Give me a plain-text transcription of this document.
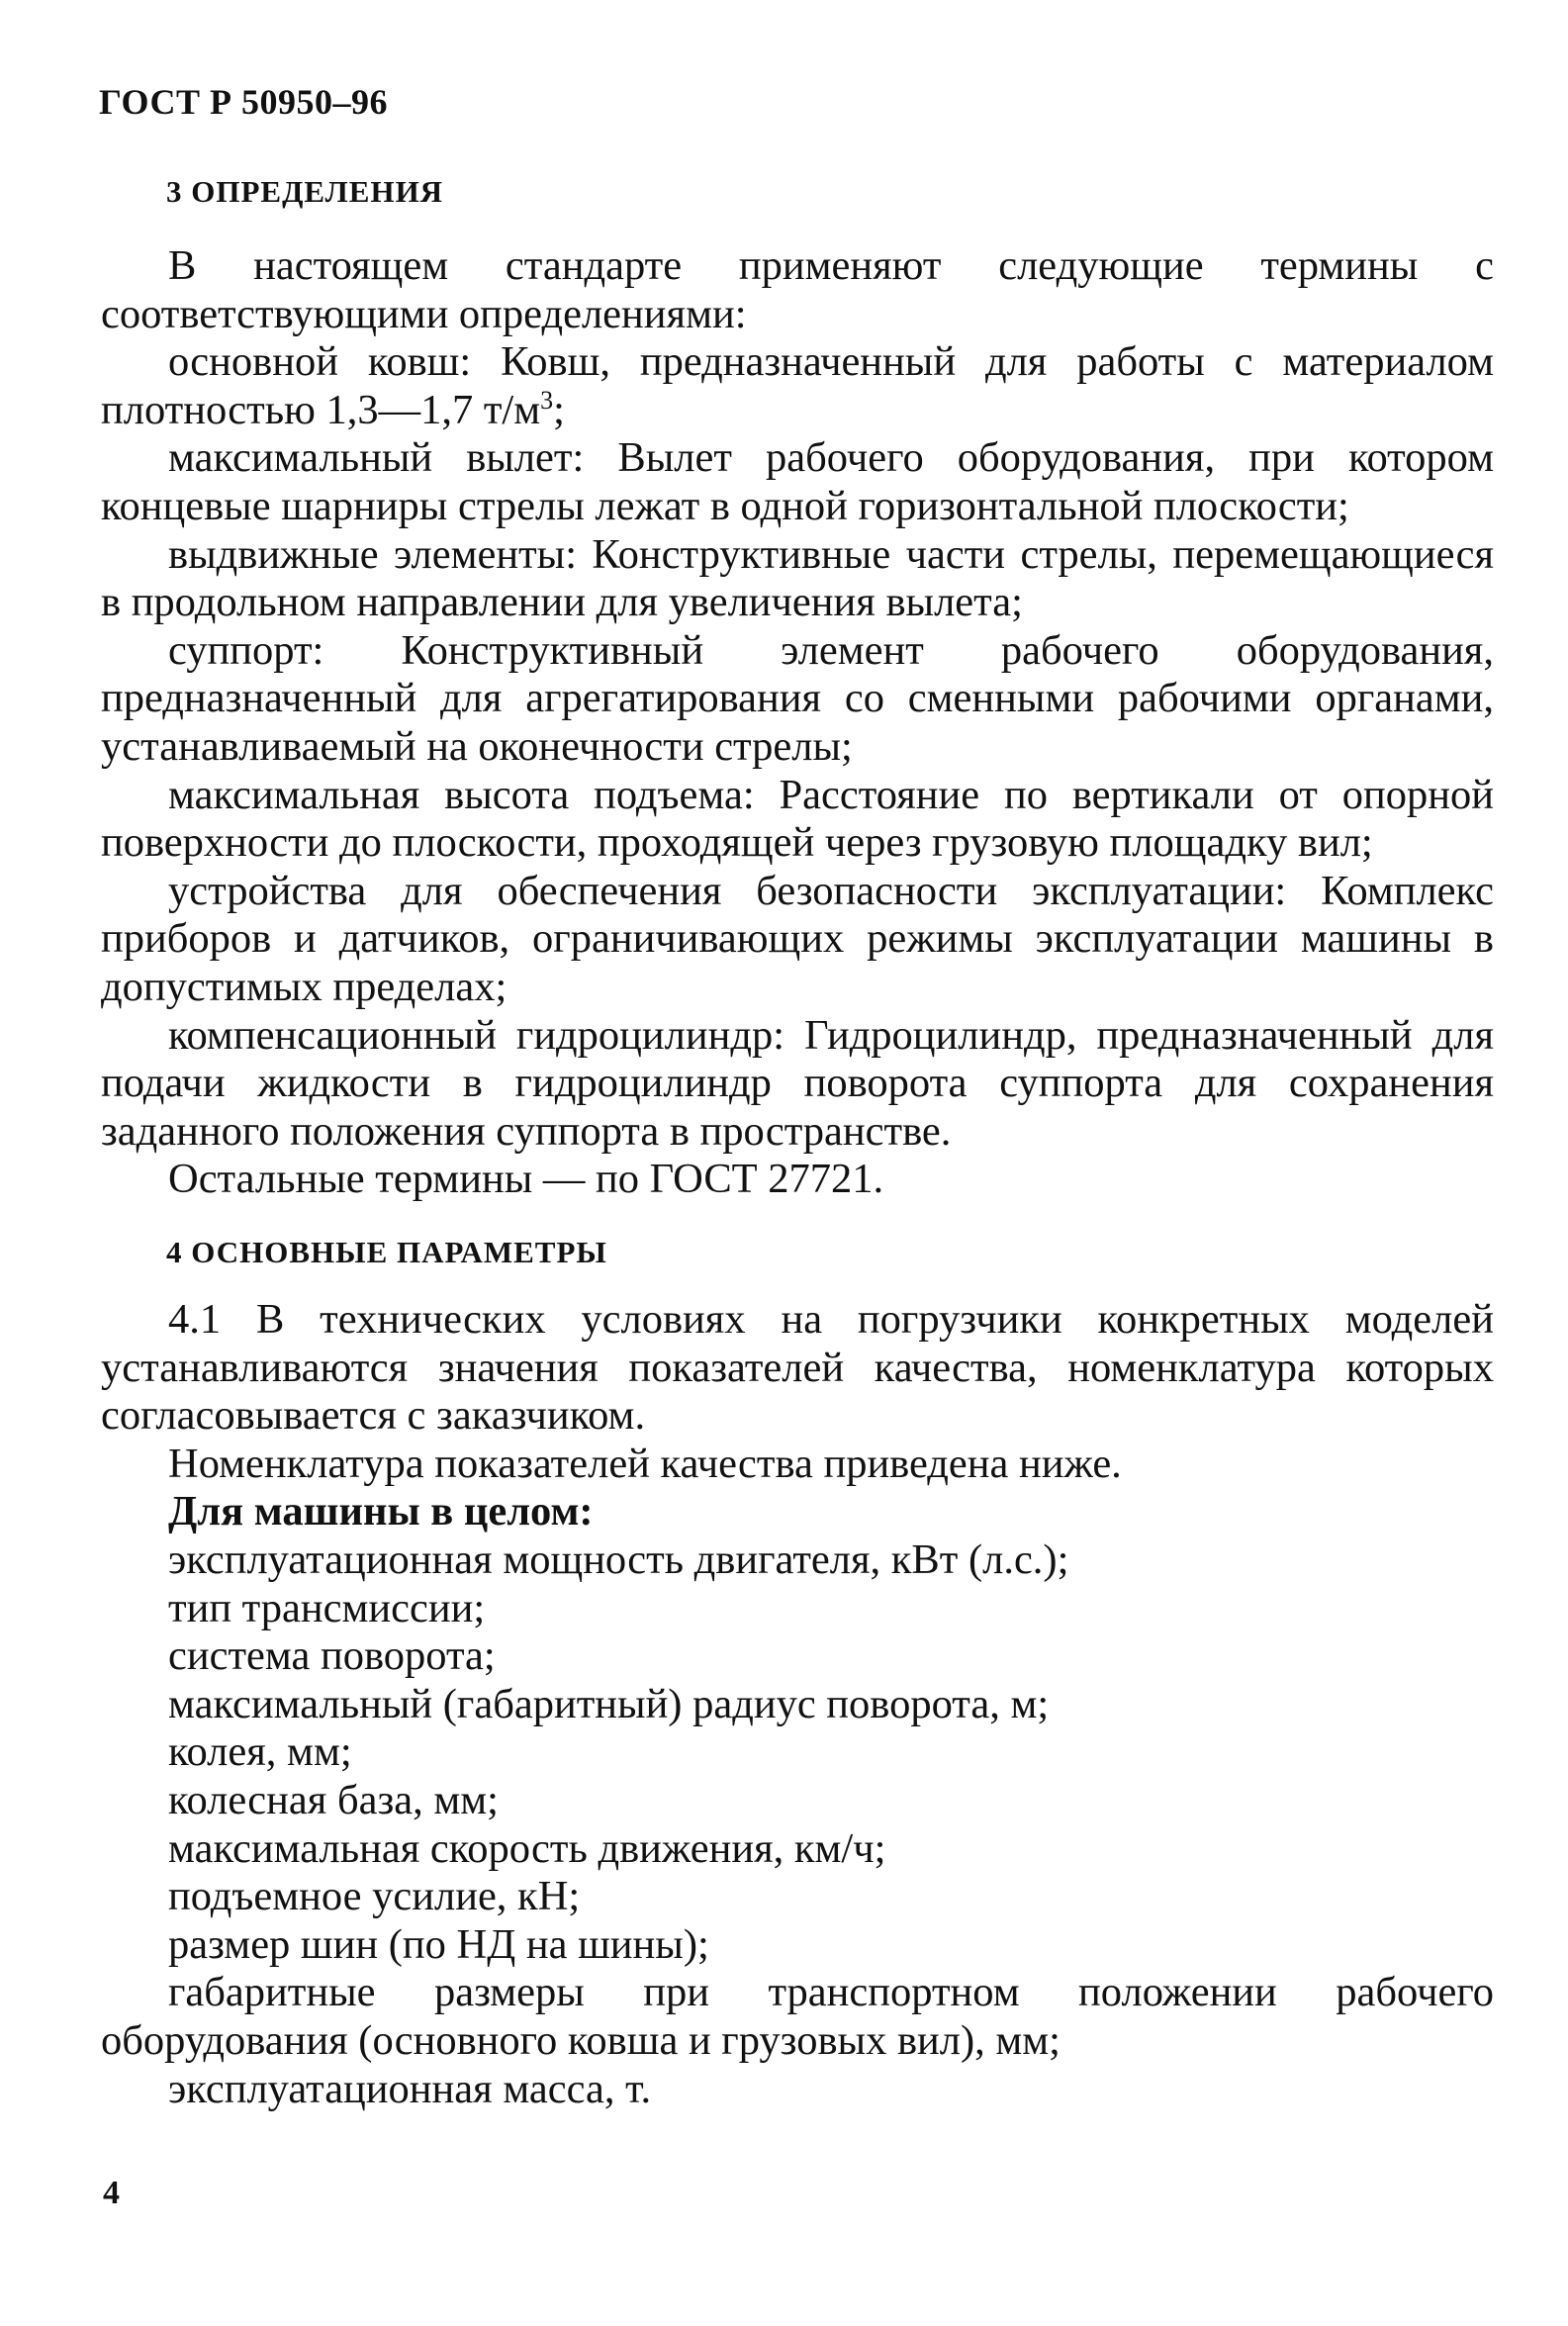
ГОСТ Р 50950–96
3 ОПРЕДЕЛЕНИЯ

В настоящем стандарте применяют следующие термины с соответствующими определениями:

основной ковш: Ковш, предназначенный для работы с материалом плотностью 1,3—1,7 $т/м^3$;

максимальный вылет: Вылет рабочего оборудования, при котором концевые шарниры стрелы лежат в одной горизонтальной плоскости;

выдвижные элементы: Конструктивные части стрелы, перемещающиеся в продольном направлении для увеличения вылета;

суппорт: Конструктивный элемент рабочего оборудования, предназначенный для агрегатирования со сменными рабочими органами, устанавливаемый на оконечности стрелы;

максимальная высота подъема: Расстояние по вертикали от опорной поверхности до плоскости, проходящей через грузовую площадку вил;

устройства для обеспечения безопасности эксплуатации: Комплекс приборов и датчиков, ограничивающих режимы эксплуатации машины в допустимых пределах;

компенсационный гидроцилиндр: Гидроцилиндр, предназначенный для подачи жидкости в гидроцилиндр поворота суппорта для сохранения заданного положения суппорта в пространстве.

Остальные термины — по ГОСТ 27721.

4 ОСНОВНЫЕ ПАРАМЕТРЫ

4.1 В технических условиях на погрузчики конкретных моделей устанавливаются значения показателей качества, номенклатура которых согласовывается с заказчиком.

Номенклатура показателей качества приведена ниже.

Для машины в целом:

эксплуатационная мощность двигателя, кВт (л.с.);

тип трансмиссии;

система поворота;

максимальный (габаритный) радиус поворота, м;

колея, мм;

колесная база, мм;

максимальная скорость движения, км/ч;

подъемное усилие, кН;

размер шин (по НД на шины);

габаритные размеры при транспортном положении рабочего оборудования (основного ковша и грузовых вил), мм;

эксплуатационная масса, т.

4
